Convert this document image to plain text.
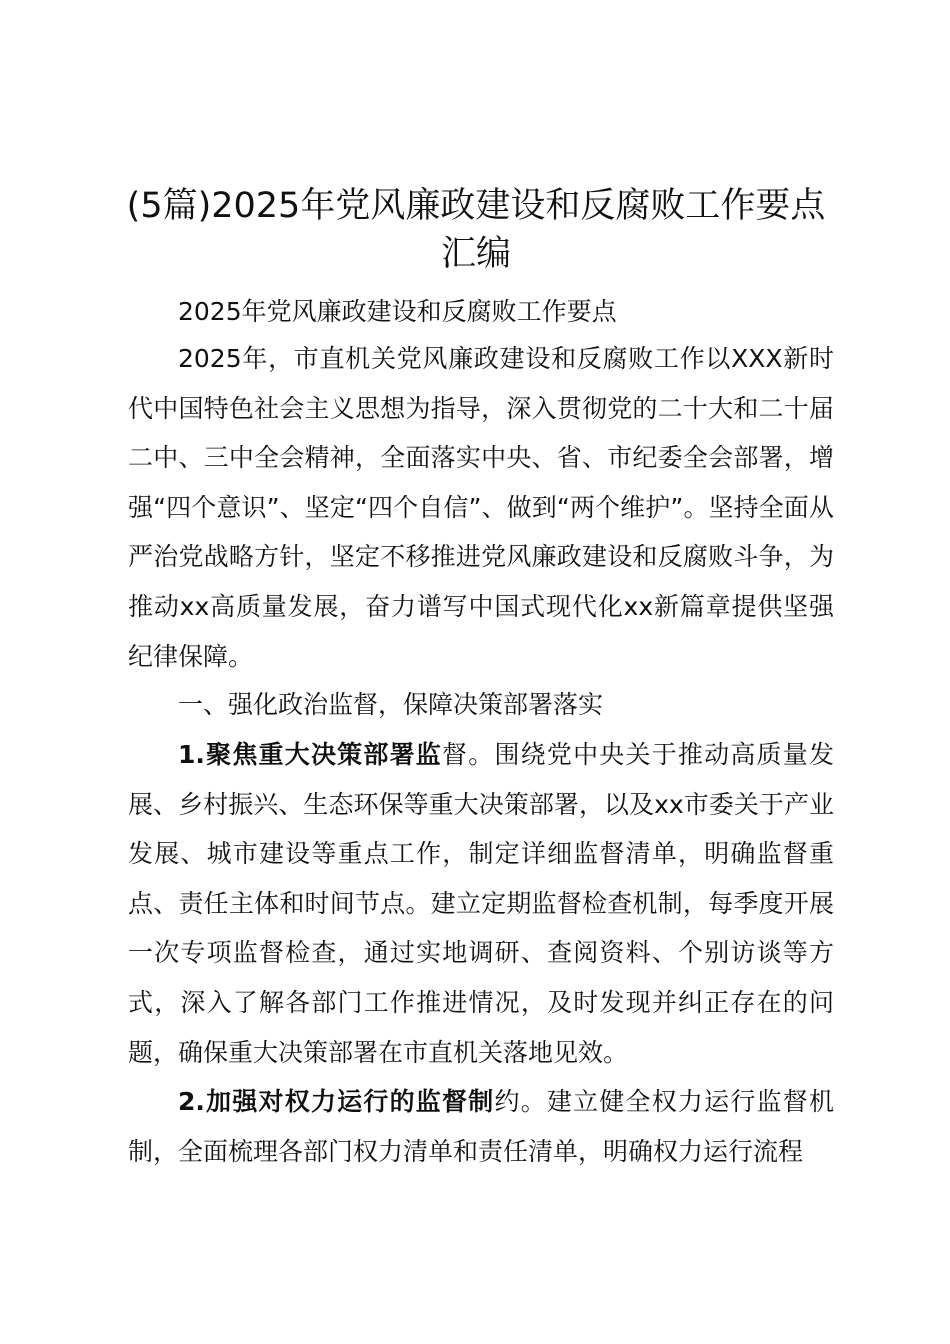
(5篇)2025年党风廉政建设和反腐败工作要点汇编

2025年党风廉政建设和反腐败工作要点

2025年，市直机关党风廉政建设和反腐败工作以XXX新时代中国特色社会主义思想为指导，深入贯彻党的二十大和二十届二中、三中全会精神，全面落实中央、省、市纪委全会部署，增强“四个意识”、坚定“四个自信”、做到“两个维护”。坚持全面从严治党战略方针，坚定不移推进党风廉政建设和反腐败斗争，为推动xx高质量发展，奋力谱写中国式现代化xx新篇章提供坚强纪律保障。

一、强化政治监督，保障决策部署落实

1.聚焦重大决策部署监督。围绕党中央关于推动高质量发展、乡村振兴、生态环保等重大决策部署，以及xx市委关于产业发展、城市建设等重点工作，制定详细监督清单，明确监督重点、责任主体和时间节点。建立定期监督检查机制，每季度开展一次专项监督检查，通过实地调研、查阅资料、个别访谈等方式，深入了解各部门工作推进情况，及时发现并纠正存在的问题，确保重大决策部署在市直机关落地见效。

2.加强对权力运行的监督制约。建立健全权力运行监督机制，全面梳理各部门权力清单和责任清单，明确权力运行流程
